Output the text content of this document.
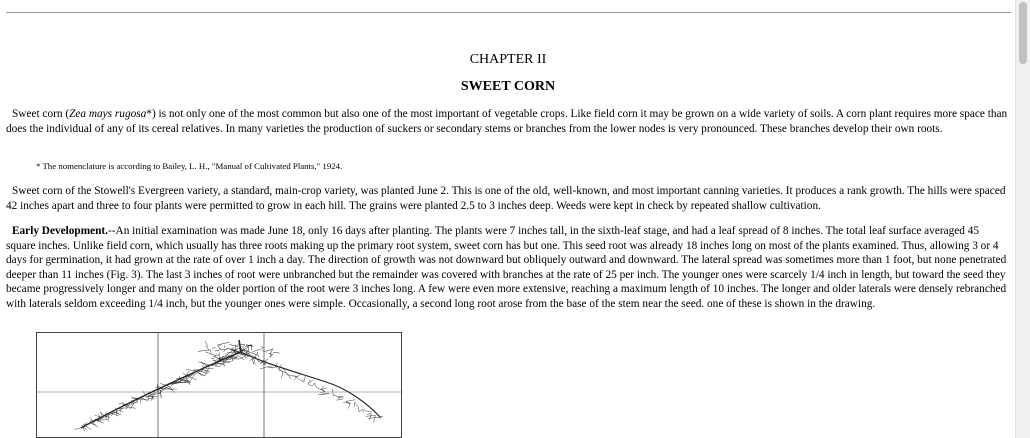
CHAPTER II
SWEET CORN

Sweet corn (Zea mays rugosa*) is not only one of the most common but also one of the most important of vegetable crops. Like field corn it may be grown on a wide variety of soils. A corn plant requires more space than does the individual of any of its cereal relatives. In many varieties the production of suckers or secondary stems or branches from the lower nodes is very pronounced. These branches develop their own roots.

* The nomenclature is according to Bailey, L. H., "Manual of Cultivated Plants," 1924.

Sweet corn of the Stowell's Evergreen variety, a standard, main-crop variety, was planted June 2. This is one of the old, well-known, and most important canning varieties. It produces a rank growth. The hills were spaced 42 inches apart and three to four plants were permitted to grow in each hill. The grains were planted 2.5 to 3 inches deep. Weeds were kept in check by repeated shallow cultivation.

Early Development.--An initial examination was made June 18, only 16 days after planting. The plants were 7 inches tall, in the sixth-leaf stage, and had a leaf spread of 8 inches. The total leaf surface averaged 45 square inches. Unlike field corn, which usually has three roots making up the primary root system, sweet corn has but one. This seed root was already 18 inches long on most of the plants examined. Thus, allowing 3 or 4 days for germination, it had grown at the rate of over 1 inch a day. The direction of growth was not downward but obliquely outward and downward. The lateral spread was sometimes more than 1 foot, but none penetrated deeper than 11 inches (Fig. 3). The last 3 inches of root were unbranched but the remainder was covered with branches at the rate of 25 per inch. The younger ones were scarcely 1/4 inch in length, but toward the seed they became progressively longer and many on the older portion of the root were 3 inches long. A few were even more extensive, reaching a maximum length of 10 inches. The longer and older laterals were densely rebranched with laterals seldom exceeding 1/4 inch, but the younger ones were simple. Occasionally, a second long root arose from the base of the stem near the seed. one of these is shown in the drawing.
